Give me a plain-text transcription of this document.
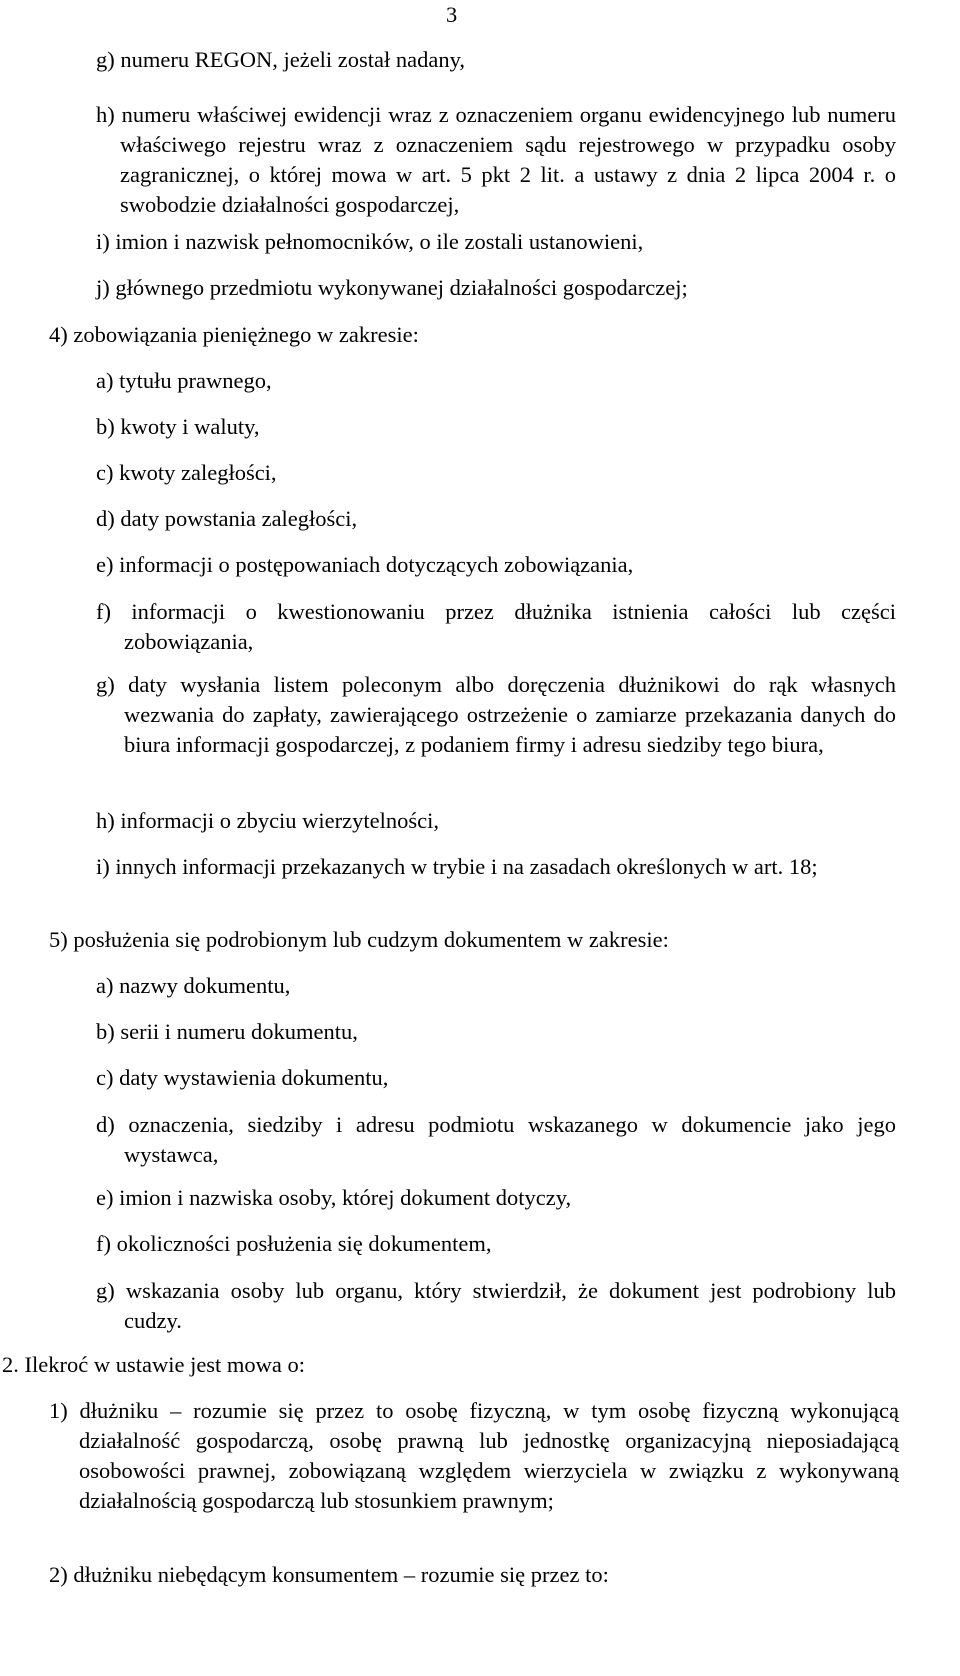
3
g) numeru REGON, jeżeli został nadany,
h) numeru właściwej ewidencji wraz z oznaczeniem organu ewidencyjnego lub numeru właściwego rejestru wraz z oznaczeniem sądu rejestrowego w przypadku osoby zagranicznej, o której mowa w art. 5 pkt 2 lit. a ustawy z dnia 2 lipca 2004 r. o swobodzie działalności gospodarczej,
i) imion i nazwisk pełnomocników, o ile zostali ustanowieni,
j) głównego przedmiotu wykonywanej działalności gospodarczej;
4) zobowiązania pieniężnego w zakresie:
a) tytułu prawnego,
b) kwoty i waluty,
c) kwoty zaległości,
d) daty powstania zaległości,
e) informacji o postępowaniach dotyczących zobowiązania,
f) informacji o kwestionowaniu przez dłużnika istnienia całości lub części zobowiązania,
g) daty wysłania listem poleconym albo doręczenia dłużnikowi do rąk własnych wezwania do zapłaty, zawierającego ostrzeżenie o zamiarze przekazania danych do biura informacji gospodarczej, z podaniem firmy i adresu siedziby tego biura,
h) informacji o zbyciu wierzytelności,
i) innych informacji przekazanych w trybie i na zasadach określonych w art. 18;
5) posłużenia się podrobionym lub cudzym dokumentem w zakresie:
a) nazwy dokumentu,
b) serii i numeru dokumentu,
c) daty wystawienia dokumentu,
d) oznaczenia, siedziby i adresu podmiotu wskazanego w dokumencie jako jego wystawca,
e) imion i nazwiska osoby, której dokument dotyczy,
f) okoliczności posłużenia się dokumentem,
g) wskazania osoby lub organu, który stwierdził, że dokument jest podrobiony lub cudzy.
2. Ilekroć w ustawie jest mowa o:
1) dłużniku – rozumie się przez to osobę fizyczną, w tym osobę fizyczną wykonującą działalność gospodarczą, osobę prawną lub jednostkę organizacyjną nieposiadającą osobowości prawnej, zobowiązaną względem wierzyciela w związku z wykonywaną działalnością gospodarczą lub stosunkiem prawnym;
2) dłużniku niebędącym konsumentem – rozumie się przez to:
